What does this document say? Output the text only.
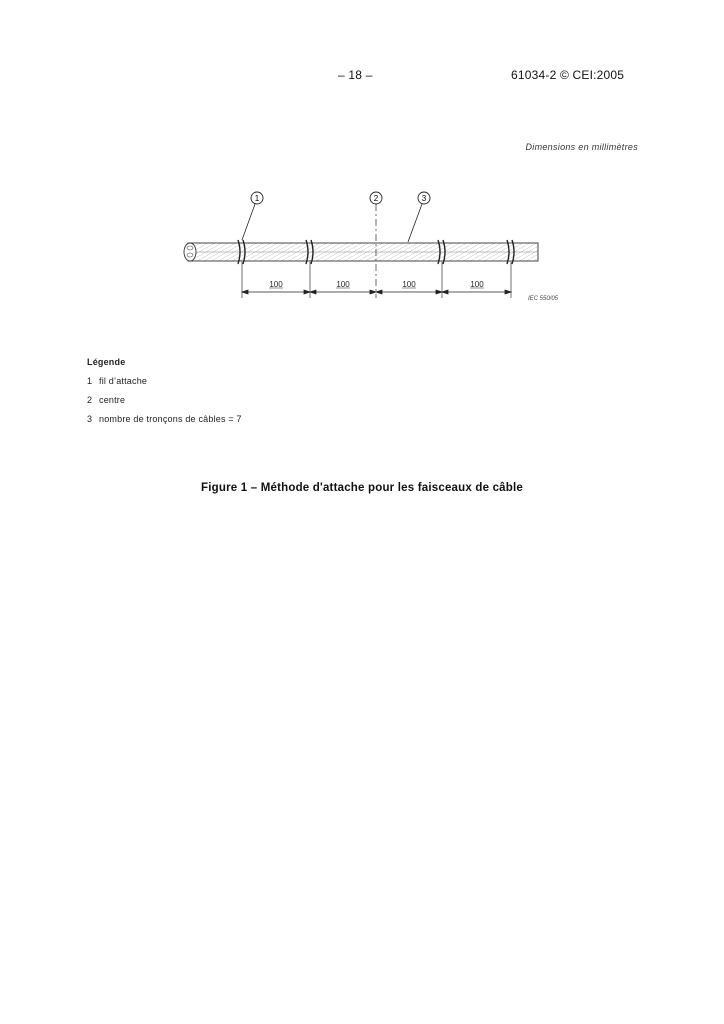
– 18 –	61034-2 © CEI:2005
Dimensions en millimètres
1	2	3
100	100	100	100
IEC 550/05
Légende
1 fil d’attache
2 centre
3 nombre de tronçons de câbles = 7
Figure 1 – Méthode d'attache pour les faisceaux de câble
